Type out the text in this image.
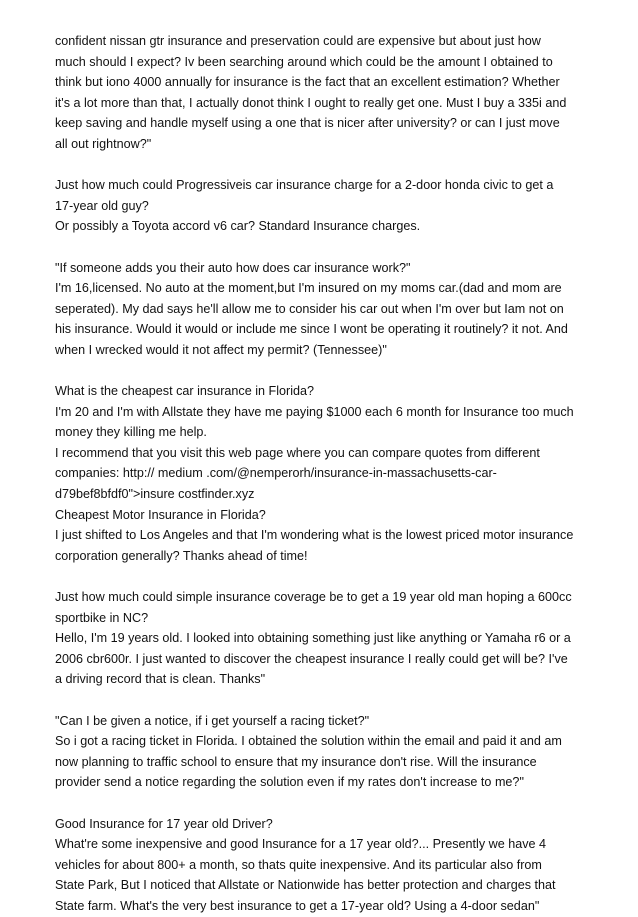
confident nissan gtr insurance and preservation could are expensive but about just how
much should I expect? Iv been searching around which could be the amount I obtained to
think but iono 4000 annually for insurance is the fact that an excellent estimation? Whether
it's a lot more than that, I actually donot think I ought to really get one. Must I buy a 335i and
keep saving and handle myself using a one that is nicer after university? or can I just move
all out rightnow?"
Just how much could Progressiveis car insurance charge for a 2-door honda civic to get a
17-year old guy?
Or possibly a Toyota accord v6 car? Standard Insurance charges.
"If someone adds you their auto how does car insurance work?"
I'm 16,licensed. No auto at the moment,but I'm insured on my moms car.(dad and mom are
seperated). My dad says he'll allow me to consider his car out when I'm over but Iam not on
his insurance. Would it would or include me since I wont be operating it routinely? it not. And
when I wrecked would it not affect my permit? (Tennessee)"
What is the cheapest car insurance in Florida?
I'm 20 and I'm with Allstate they have me paying $1000 each 6 month for Insurance too much
money they killing me help.
I recommend that you visit this web page where you can compare quotes from different
companies: http:// medium .com/@nemperorh/insurance-in-massachusetts-car-
d79bef8bfdf0">insure costfinder.xyz
Cheapest Motor Insurance in Florida?
I just shifted to Los Angeles and that I'm wondering what is the lowest priced motor insurance
corporation generally? Thanks ahead of time!
Just how much could simple insurance coverage be to get a 19 year old man hoping a 600cc
sportbike in NC?
Hello, I'm 19 years old. I looked into obtaining something just like anything or Yamaha r6 or a
2006 cbr600r. I just wanted to discover the cheapest insurance I really could get will be? I've
a driving record that is clean. Thanks"
"Can I be given a notice, if i get yourself a racing ticket?"
So i got a racing ticket in Florida. I obtained the solution within the email and paid it and am
now planning to traffic school to ensure that my insurance don't rise. Will the insurance
provider send a notice regarding the solution even if my rates don't increase to me?"
Good Insurance for 17 year old Driver?
What're some inexpensive and good Insurance for a 17 year old?... Presently we have 4
vehicles for about 800+ a month, so thats quite inexpensive. And its particular also from
State Park, But I noticed that Allstate or Nationwide has better protection and charges that
State farm. What's the very best insurance to get a 17-year old? Using a 4-door sedan"
